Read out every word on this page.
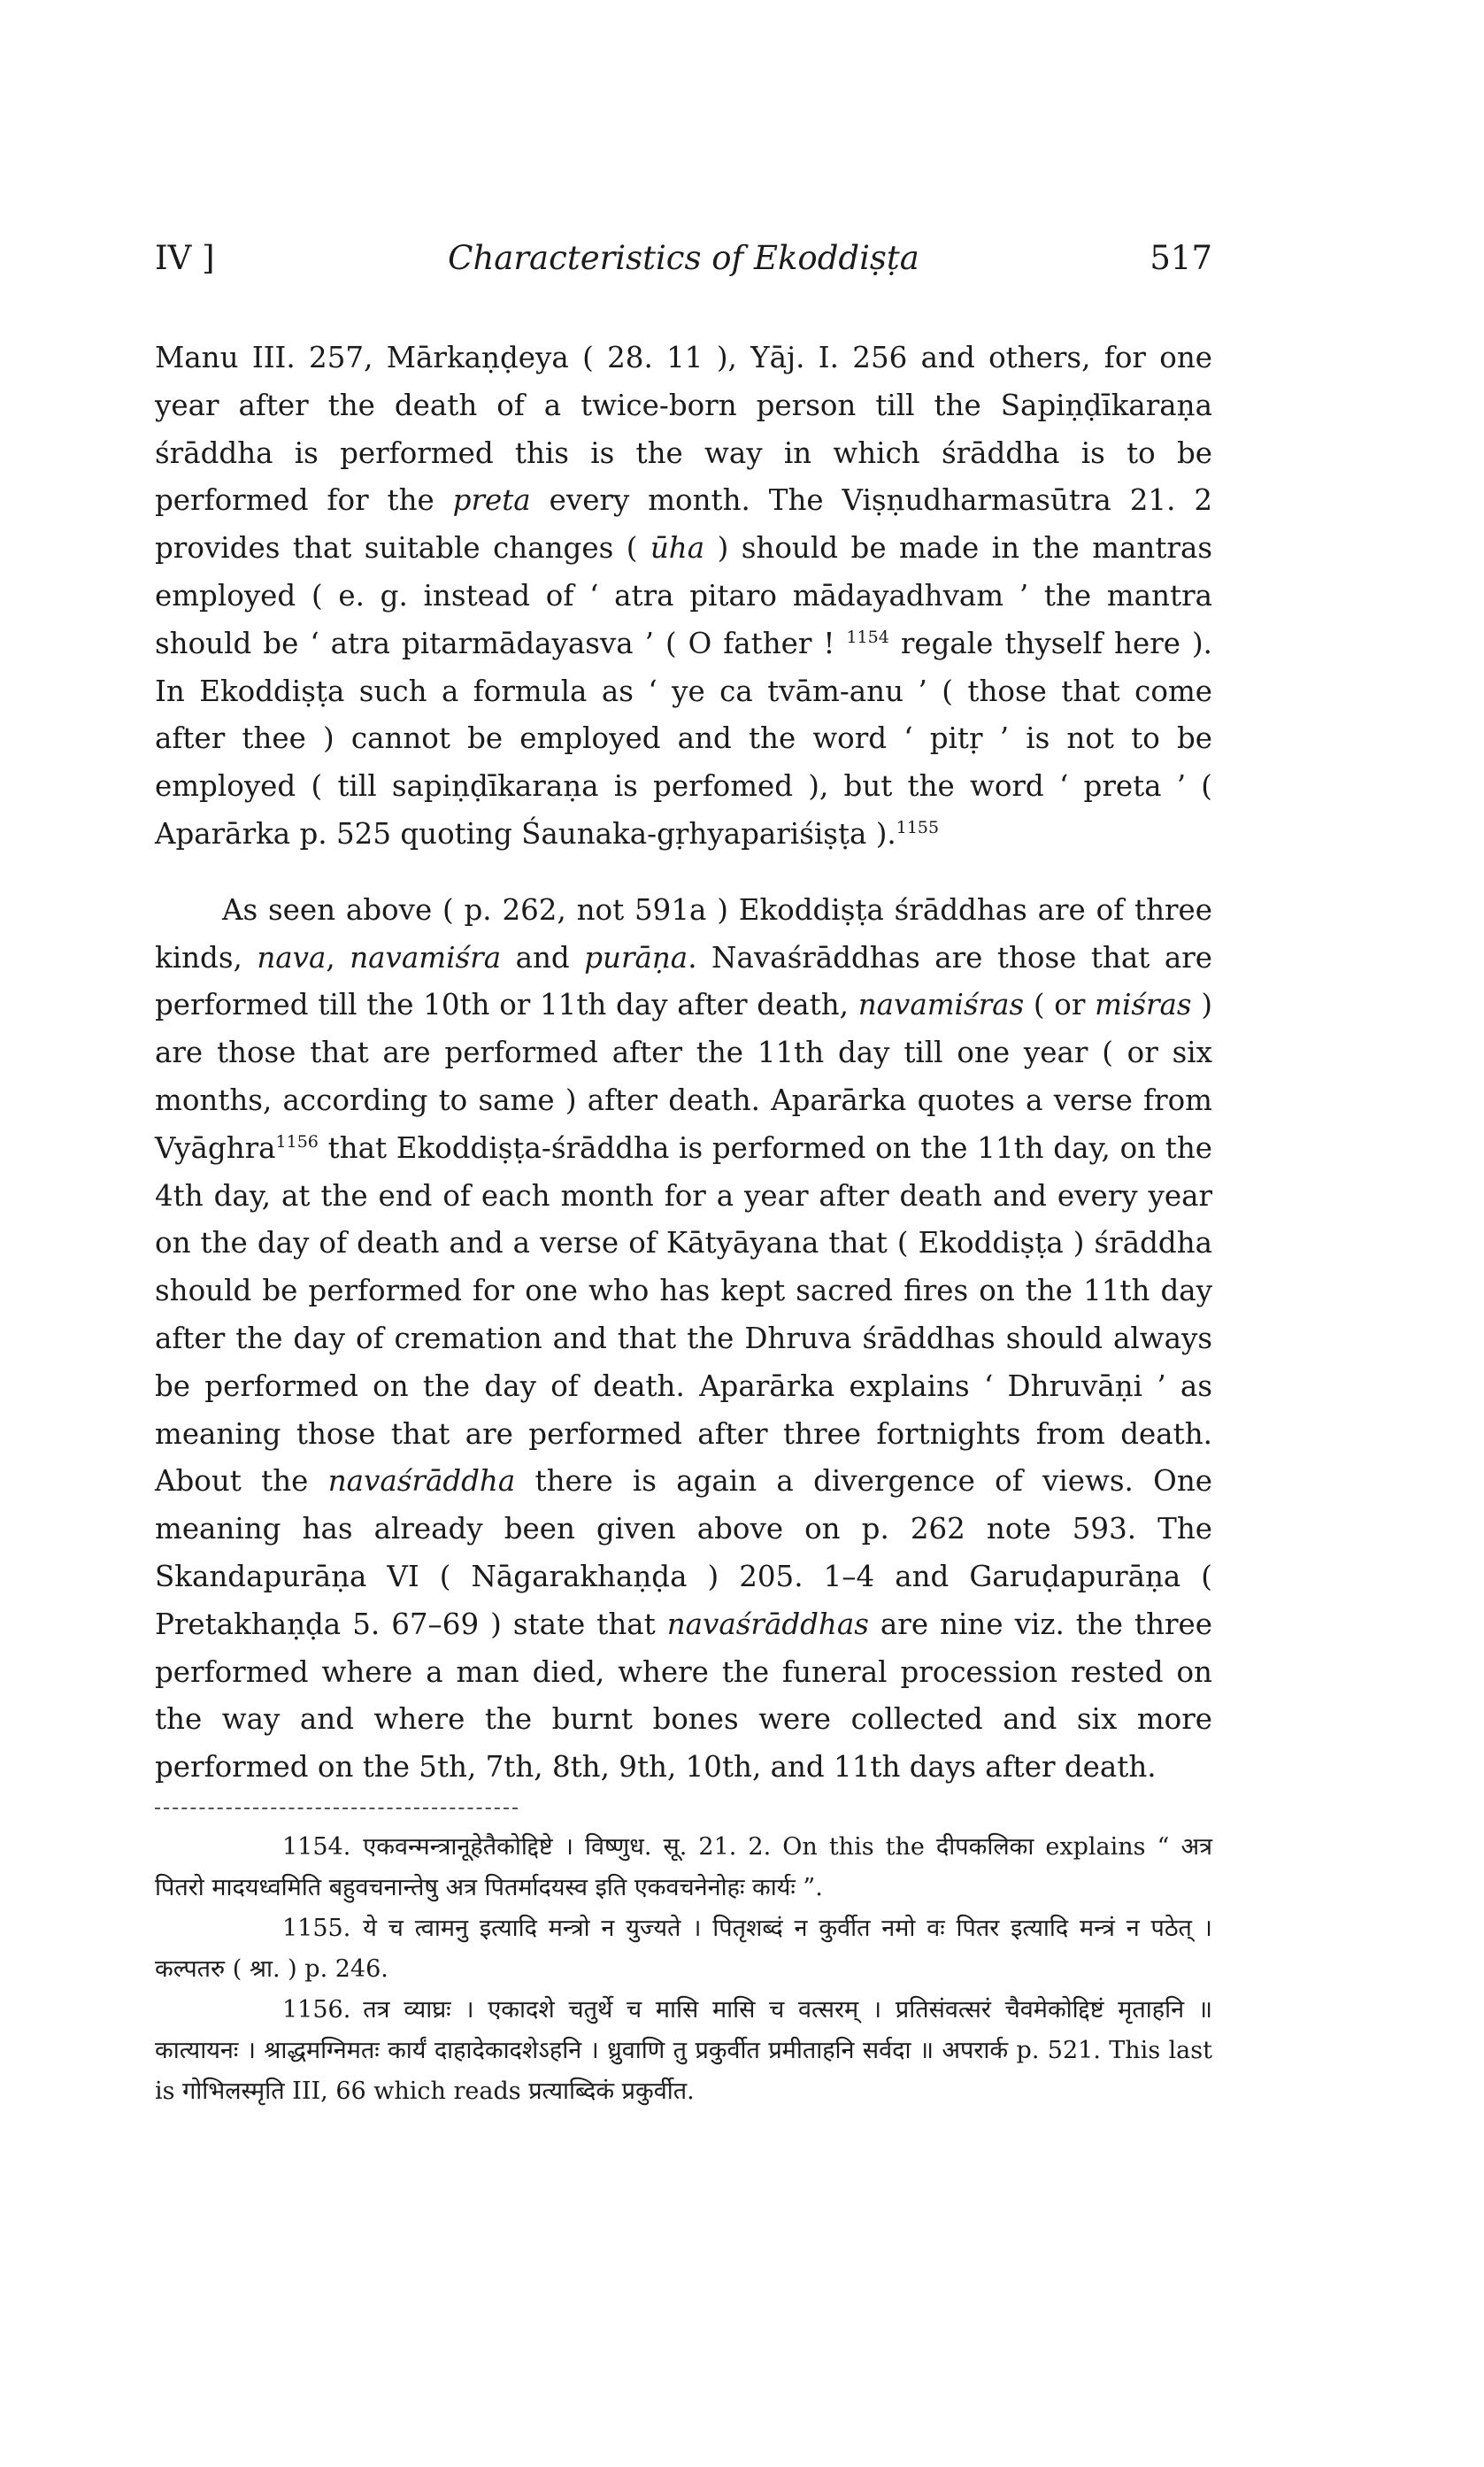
IV ]	Characteristics of Ekoddiṣṭa	517

Manu III. 257, Mārkaṇḍeya ( 28. 11 ), Yāj. I. 256 and others, for one year after the death of a twice-born person till the Sapiṇḍīkaraṇa śrāddha is performed this is the way in which śrāddha is to be performed for the preta every month. The Viṣṇudharmasūtra 21. 2 provides that suitable changes ( ūha ) should be made in the mantras employed ( e. g. instead of ‘ atra pitaro mādayadhvam ’ the mantra should be ‘ atra pitarmādayasva ’ ( O father ! $^{1154}$ regale thyself here ). In Ekoddiṣṭa such a formula as ‘ ye ca tvām-anu ’ ( those that come after thee ) cannot be employed and the word ‘ pitṛ ’ is not to be employed ( till sapiṇḍīkaraṇa is perfomed ), but the word ‘ preta ’ ( Aparārka p. 525 quoting Śaunaka-gṛhyapariśiṣṭa ).$^{1155}$

As seen above ( p. 262, not 591a ) Ekoddiṣṭa śrāddhas are of three kinds, nava, navamiśra and purāṇa. Navaśrāddhas are those that are performed till the 10th or 11th day after death, navamiśras ( or miśras ) are those that are performed after the 11th day till one year ( or six months, according to same ) after death. Aparārka quotes a verse from Vyāghra$^{1156}$ that Ekoddiṣṭa-śrāddha is performed on the 11th day, on the 4th day, at the end of each month for a year after death and every year on the day of death and a verse of Kātyāyana that ( Ekoddiṣṭa ) śrāddha should be performed for one who has kept sacred fires on the 11th day after the day of cremation and that the Dhruva śrāddhas should always be performed on the day of death. Aparārka explains ‘ Dhruvāṇi ’ as meaning those that are performed after three fortnights from death. About the navaśrāddha there is again a divergence of views. One meaning has already been given above on p. 262 note 593. The Skandapurāṇa VI ( Nāgarakhaṇḍa ) 205. 1–4 and Garuḍapurāṇa ( Pretakhaṇḍa 5. 67–69 ) state that navaśrāddhas are nine viz. the three performed where a man died, where the funeral procession rested on the way and where the burnt bones were collected and six more performed on the 5th, 7th, 8th, 9th, 10th, and 11th days after death.

1154. एकवन्मन्त्रानूहेतैकोद्दिष्टे । विष्णुध. सू. 21. 2. On this the दीपकलिका explains “ अत्र पितरो मादयध्वमिति बहुवचनान्तेषु अत्र पितर्मादयस्व इति एकवचनेनोहः कार्यः ”.

1155. ये च त्वामनु इत्यादि मन्त्रो न युज्यते । पितृशब्दं न कुर्वीत नमो वः पितर इत्यादि मन्त्रं न पठेत् । कल्पतरु ( श्रा. ) p. 246.

1156. तत्र व्याघ्रः । एकादशे चतुर्थे च मासि मासि च वत्सरम् । प्रतिसंवत्सरं चैवमेकोद्दिष्टं मृताहनि ॥ कात्यायनः । श्राद्धमग्निमतः कार्यं दाहादेकादशेऽहनि । ध्रुवाणि तु प्रकुर्वीत प्रमीताहनि सर्वदा ॥ अपरार्क p. 521. This last is गोभिलस्मृति III, 66 which reads प्रत्याब्दिकं प्रकुर्वीत.
